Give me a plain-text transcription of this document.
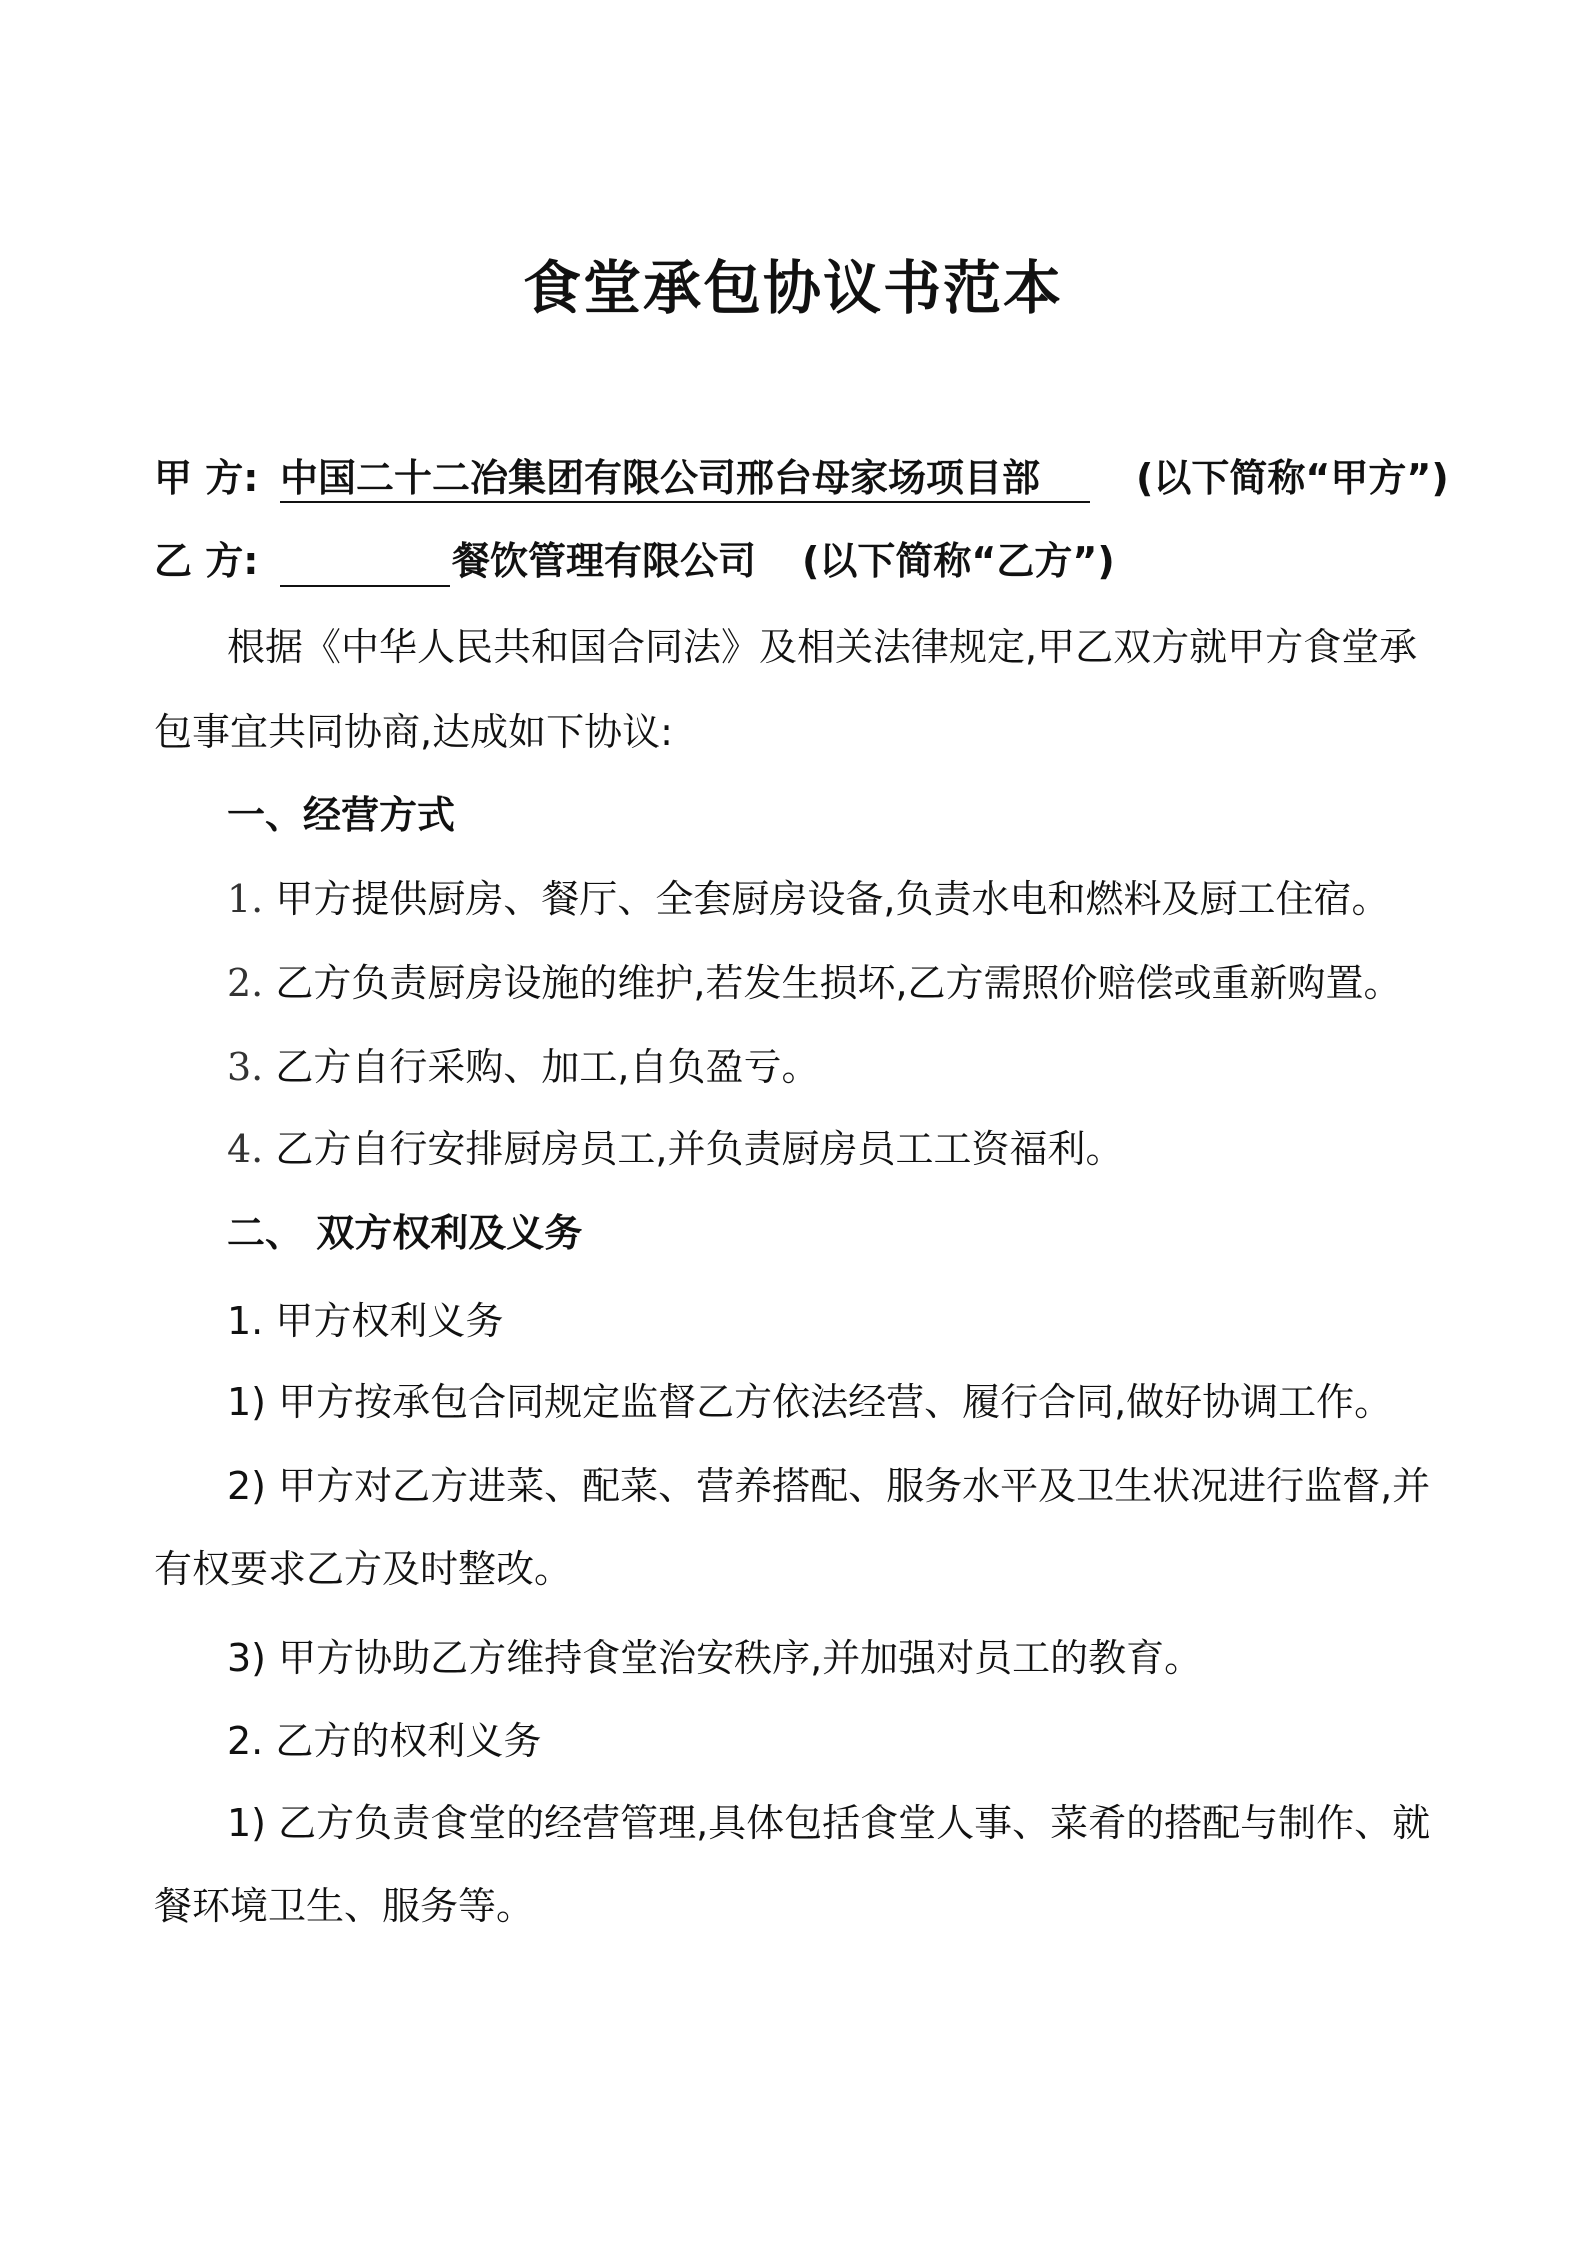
食堂承包协议书范本
甲 方: 中国二十二冶集团有限公司邢台母家场项目部	(以下简称“甲方”)
乙 方:	餐饮管理有限公司 (以下简称“乙方”)
根据《中华人民共和国合同法》及相关法律规定,甲乙双方就甲方食堂承
包事宜共同协商,达成如下协议:
一、经营方式
1. 甲方提供厨房、餐厅、全套厨房设备,负责水电和燃料及厨工住宿。
2. 乙方负责厨房设施的维护,若发生损坏,乙方需照价赔偿或重新购置。
3. 乙方自行采购、加工,自负盈亏。
4. 乙方自行安排厨房员工,并负责厨房员工工资福利。
二、 双方权利及义务
1. 甲方权利义务
1) 甲方按承包合同规定监督乙方依法经营、履行合同,做好协调工作。
2) 甲方对乙方进菜、配菜、营养搭配、服务水平及卫生状况进行监督,并
有权要求乙方及时整改。
3) 甲方协助乙方维持食堂治安秩序,并加强对员工的教育。
2. 乙方的权利义务
1) 乙方负责食堂的经营管理,具体包括食堂人事、菜肴的搭配与制作、就
餐环境卫生、服务等。
